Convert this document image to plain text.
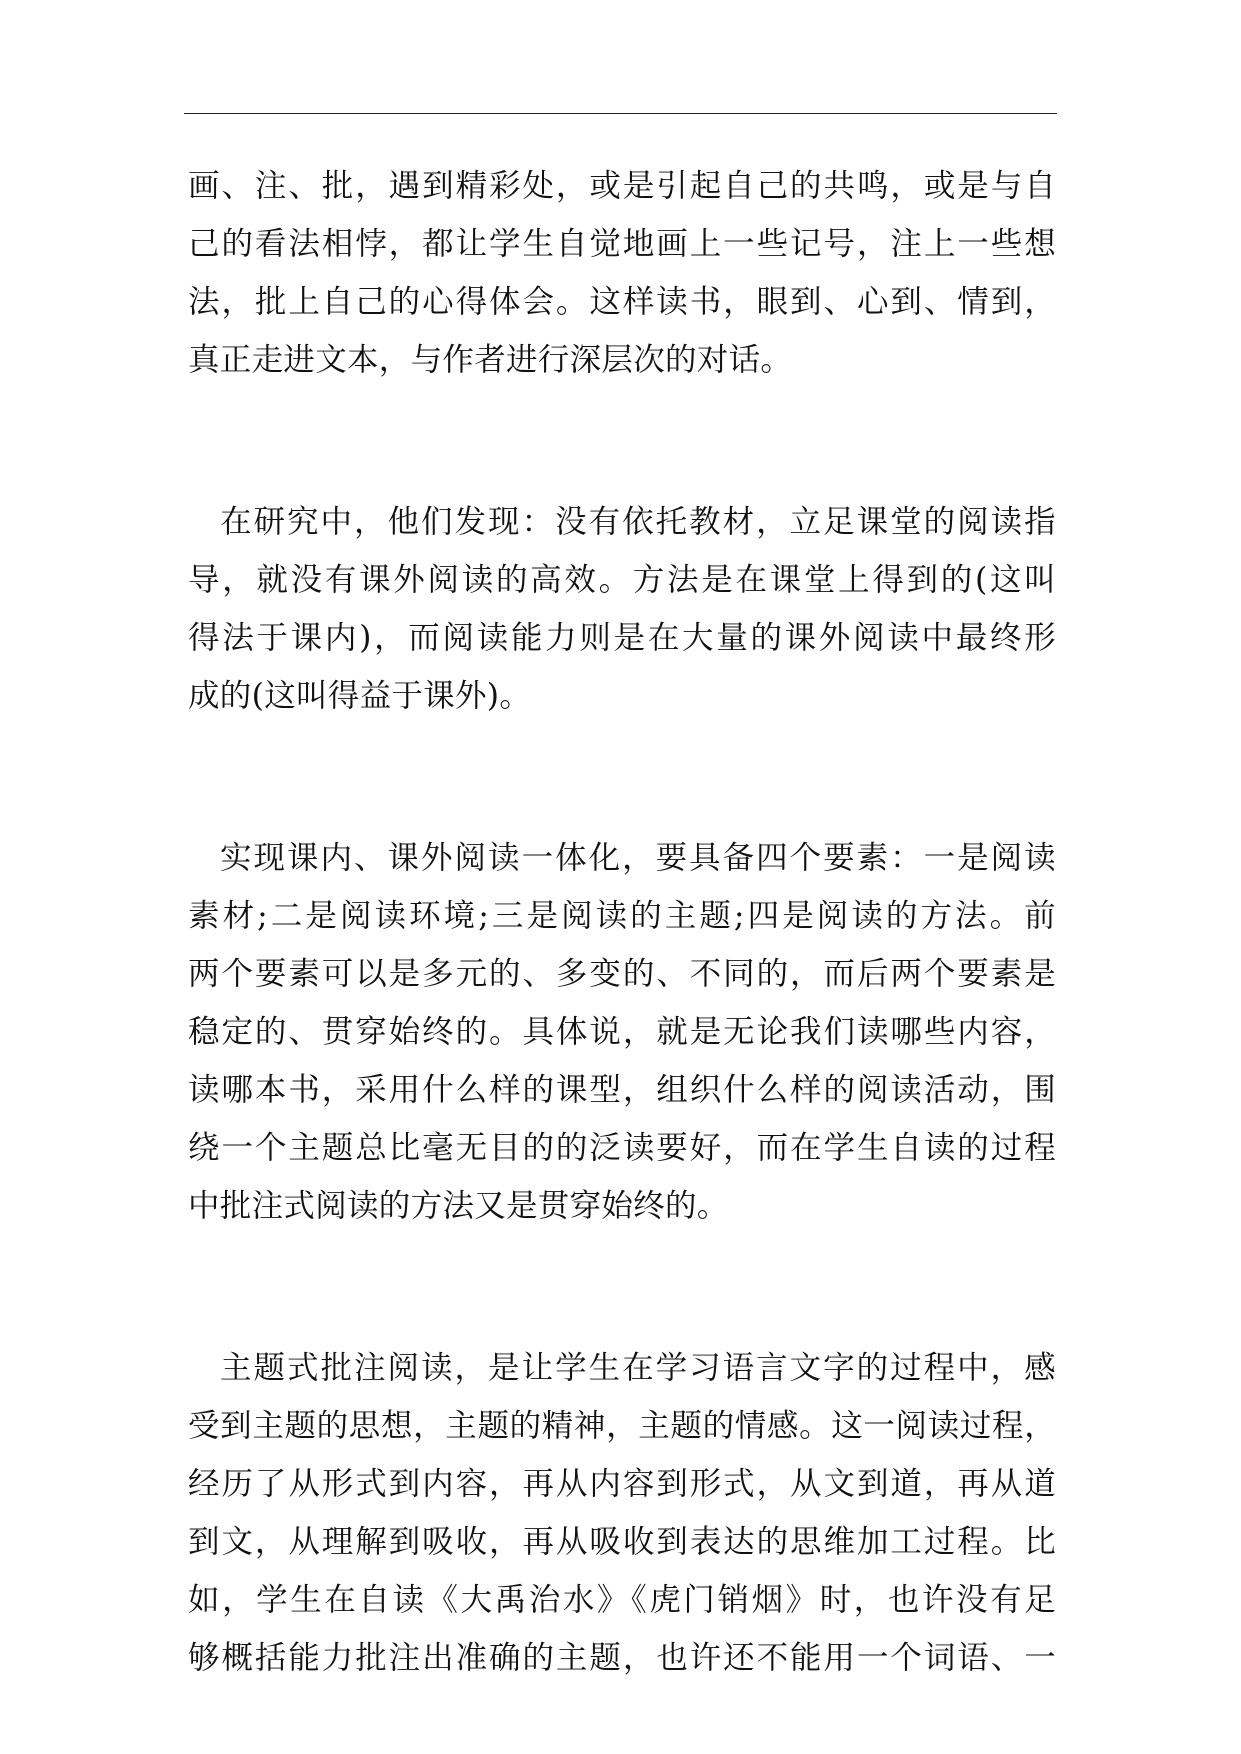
画、注、批，遇到精彩处，或是引起自己的共鸣，或是与自
己的看法相悖，都让学生自觉地画上一些记号，注上一些想
法，批上自己的心得体会。这样读书，眼到、心到、情到，
真正走进文本，与作者进行深层次的对话。
在研究中，他们发现：没有依托教材，立足课堂的阅读指
导，就没有课外阅读的高效。方法是在课堂上得到的(这叫
得法于课内)，而阅读能力则是在大量的课外阅读中最终形
成的(这叫得益于课外)。
实现课内、课外阅读一体化，要具备四个要素：一是阅读
素材;二是阅读环境;三是阅读的主题;四是阅读的方法。前
两个要素可以是多元的、多变的、不同的，而后两个要素是
稳定的、贯穿始终的。具体说，就是无论我们读哪些内容，
读哪本书，采用什么样的课型，组织什么样的阅读活动，围
绕一个主题总比毫无目的的泛读要好，而在学生自读的过程
中批注式阅读的方法又是贯穿始终的。
主题式批注阅读，是让学生在学习语言文字的过程中，感
受到主题的思想，主题的精神，主题的情感。这一阅读过程，
经历了从形式到内容，再从内容到形式，从文到道，再从道
到文，从理解到吸收，再从吸收到表达的思维加工过程。比
如，学生在自读《大禹治水》《虎门销烟》时，也许没有足
够概括能力批注出准确的主题，也许还不能用一个词语、一
